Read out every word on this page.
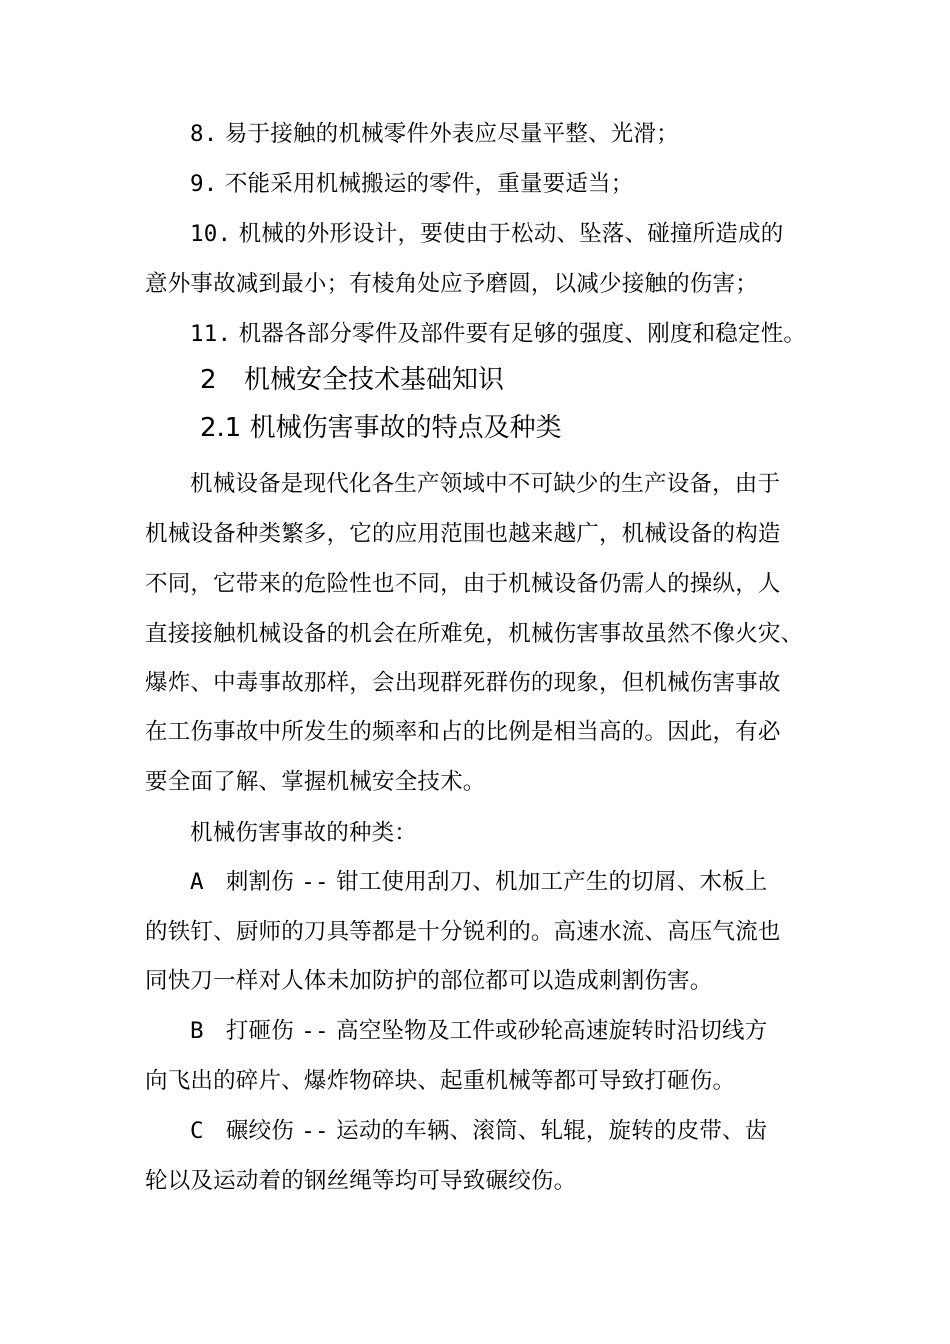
8. 易于接触的机械零件外表应尽量平整、光滑；
9. 不能采用机械搬运的零件，重量要适当；
10. 机械的外形设计，要使由于松动、坠落、碰撞所造成的
意外事故减到最小；有棱角处应予磨圆，以减少接触的伤害；
11. 机器各部分零件及部件要有足够的强度、刚度和稳定性。
2 机械安全技术基础知识
2.1 机械伤害事故的特点及种类
机械设备是现代化各生产领域中不可缺少的生产设备，由于
机械设备种类繁多，它的应用范围也越来越广，机械设备的构造
不同，它带来的危险性也不同，由于机械设备仍需人的操纵，人
直接接触机械设备的机会在所难免，机械伤害事故虽然不像火灾、
爆炸、中毒事故那样，会出现群死群伤的现象，但机械伤害事故
在工伤事故中所发生的频率和占的比例是相当高的。因此，有必
要全面了解、掌握机械安全技术。
机械伤害事故的种类：
A 刺割伤 -- 钳工使用刮刀、机加工产生的切屑、木板上
的铁钉、厨师的刀具等都是十分锐利的。高速水流、高压气流也
同快刀一样对人体未加防护的部位都可以造成刺割伤害。
B 打砸伤 -- 高空坠物及工件或砂轮高速旋转时沿切线方
向飞出的碎片、爆炸物碎块、起重机械等都可导致打砸伤。
C 碾绞伤 -- 运动的车辆、滚筒、轧辊，旋转的皮带、齿
轮以及运动着的钢丝绳等均可导致碾绞伤。
